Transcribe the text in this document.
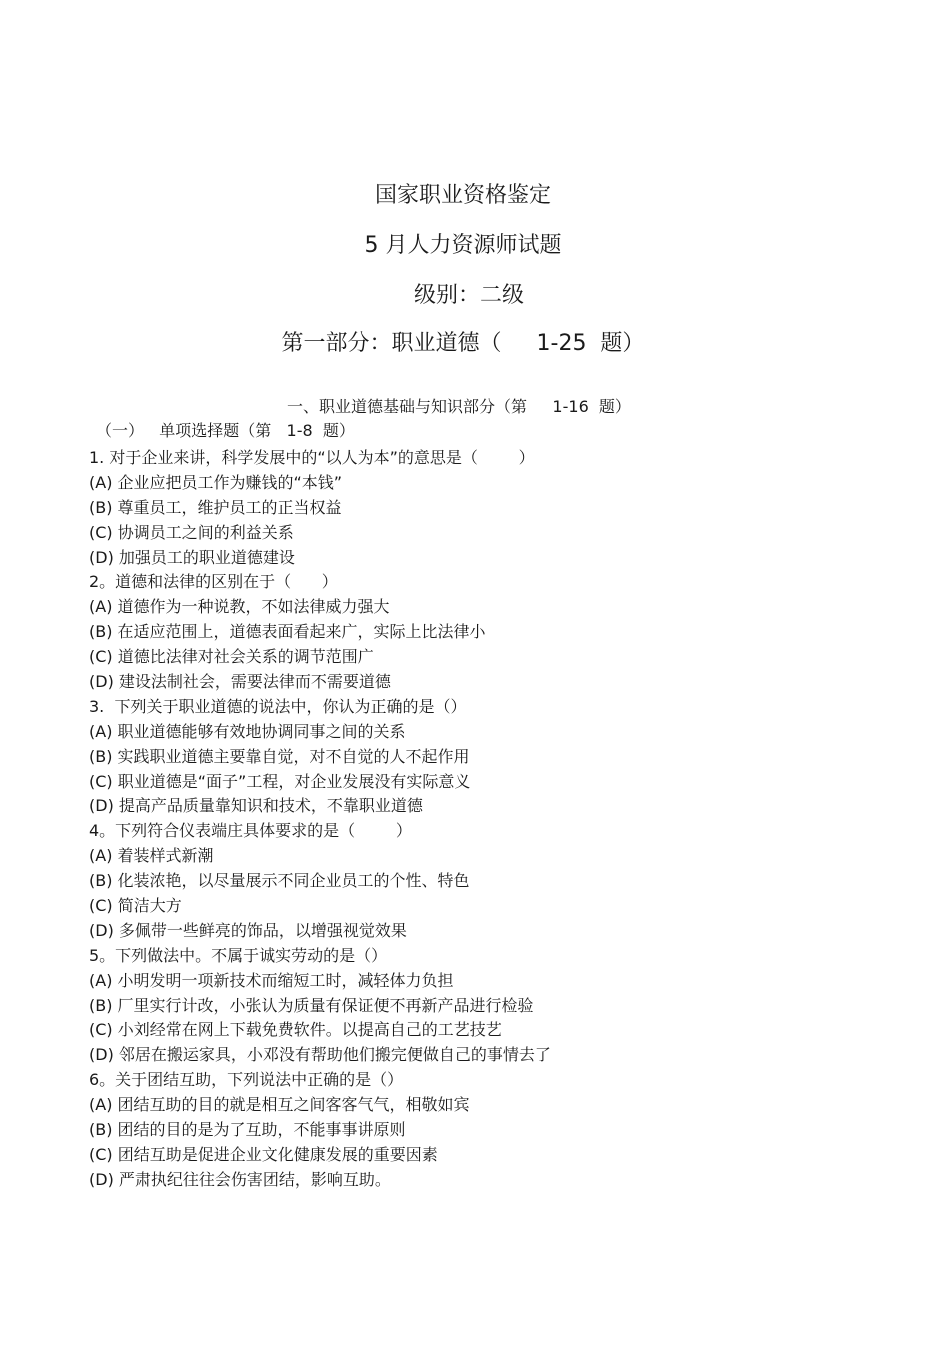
国家职业资格鉴定
5 月人力资源师试题
级别：二级
第一部分：职业道德（     1-25  题）
一、职业道德基础与知识部分（第     1-16  题）
（一）   单项选择题（第   1-8  题）
1. 对于企业来讲，科学发展中的“以人为本”的意思是（        ）
(A) 企业应把员工作为赚钱的“本钱”
(B) 尊重员工，维护员工的正当权益
(C) 协调员工之间的利益关系
(D) 加强员工的职业道德建设
2。道德和法律的区别在于（      ）
(A) 道德作为一种说教，不如法律威力强大
(B) 在适应范围上，道德表面看起来广，实际上比法律小
(C) 道德比法律对社会关系的调节范围广
(D) 建设法制社会，需要法律而不需要道德
3.  下列关于职业道德的说法中，你认为正确的是（）
(A) 职业道德能够有效地协调同事之间的关系
(B) 实践职业道德主要靠自觉，对不自觉的人不起作用
(C) 职业道德是“面子”工程，对企业发展没有实际意义
(D) 提高产品质量靠知识和技术，不靠职业道德
4。下列符合仪表端庄具体要求的是（        ）
(A) 着装样式新潮
(B) 化装浓艳，以尽量展示不同企业员工的个性、特色
(C) 简洁大方
(D) 多佩带一些鲜亮的饰品，以增强视觉效果
5。下列做法中。不属于诚实劳动的是（）
(A) 小明发明一项新技术而缩短工时，减轻体力负担
(B) 厂里实行计改，小张认为质量有保证便不再新产品进行检验
(C) 小刘经常在网上下载免费软件。以提高自己的工艺技艺
(D) 邻居在搬运家具，小邓没有帮助他们搬完便做自己的事情去了
6。关于团结互助，下列说法中正确的是（）
(A) 团结互助的目的就是相互之间客客气气，相敬如宾
(B) 团结的目的是为了互助，不能事事讲原则
(C) 团结互助是促进企业文化健康发展的重要因素
(D) 严肃执纪往往会伤害团结，影响互助。
